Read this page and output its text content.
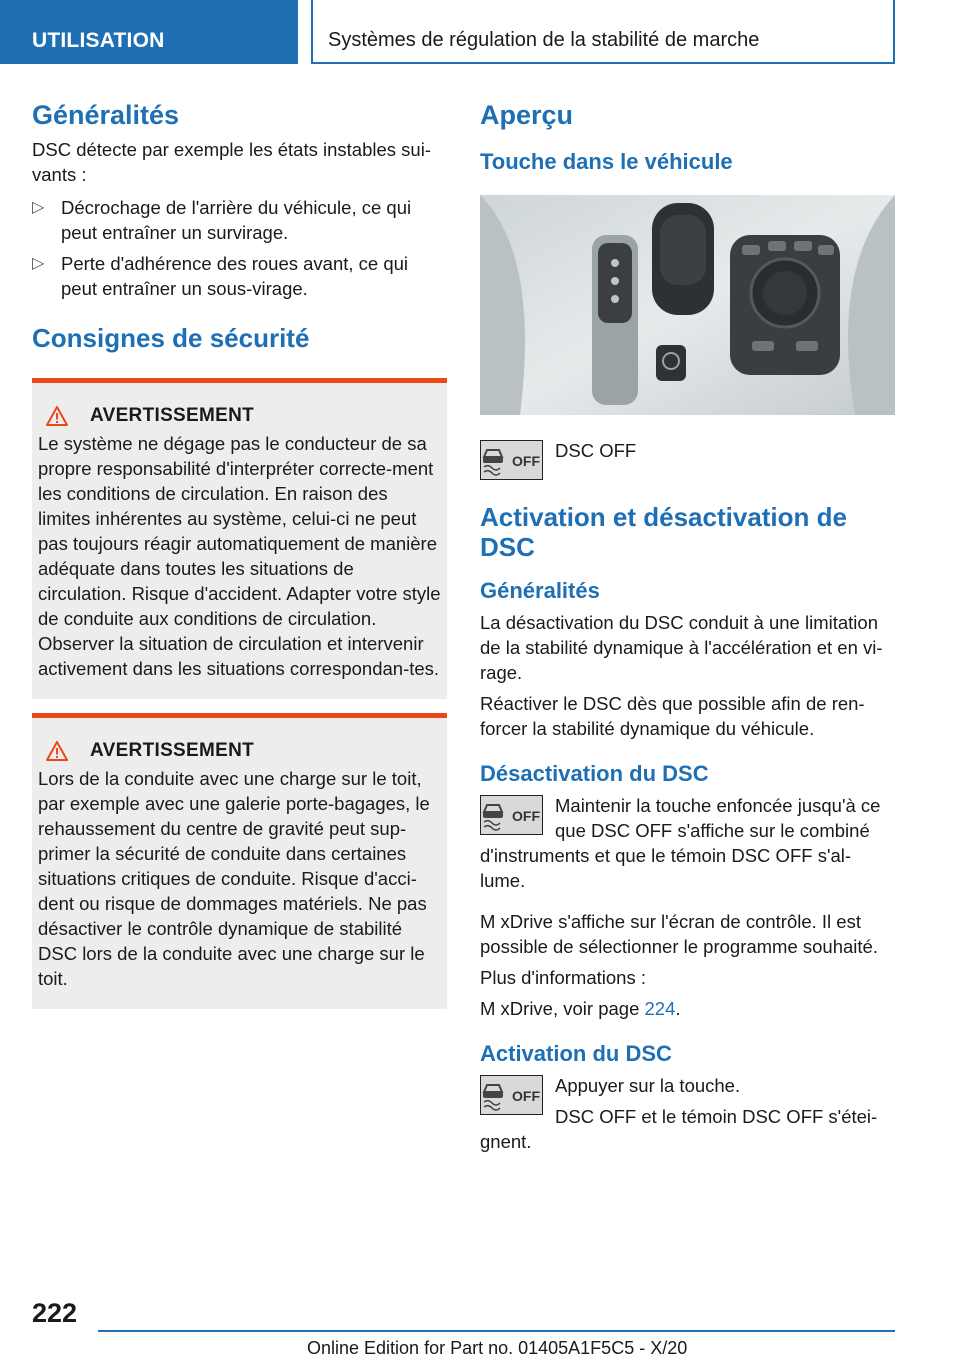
UTILISATION	Systèmes de régulation de la stabilité de marche
Généralités

DSC détecte par exemple les états instables sui-vants :

▷ Décrochage de l'arrière du véhicule, ce qui peut entraîner un survirage.
▷ Perte d'adhérence des roues avant, ce qui peut entraîner un sous-virage.
Consignes de sécurité
AVERTISSEMENT

Le système ne dégage pas le conducteur de sa propre responsabilité d'interpréter correcte-ment les conditions de circulation. En raison des limites inhérentes au système, celui-ci ne peut pas toujours réagir automatiquement de manière adéquate dans toutes les situations de circulation. Risque d'accident. Adapter votre style de conduite aux conditions de circulation. Observer la situation de circulation et intervenir activement dans les situations correspondan-tes.

AVERTISSEMENT

Lors de la conduite avec une charge sur le toit, par exemple avec une galerie porte-bagages, le rehaussement du centre de gravité peut sup-primer la sécurité de conduite dans certaines situations critiques de conduite. Risque d'acci-dent ou risque de dommages matériels. Ne pas désactiver le contrôle dynamique de stabilité DSC lors de la conduite avec une charge sur le toit.

Aperçu
Touche dans le véhicule
OFF DSC OFF

Activation et désactivation de DSC
Généralités

La désactivation du DSC conduit à une limitation de la stabilité dynamique à l'accélération et en vi-rage.

Réactiver le DSC dès que possible afin de ren-forcer la stabilité dynamique du véhicule.

Désactivation du DSC
OFF Maintenir la touche enfoncée jusqu'à ce que DSC OFF s'affiche sur le combiné d'instruments et que le témoin DSC OFF s'al-lume.

M xDrive s'affiche sur l'écran de contrôle. Il est possible de sélectionner le programme souhaité.

Plus d'informations :

M xDrive, voir page 224.

Activation du DSC
OFF Appuyer sur la touche.

DSC OFF et le témoin DSC OFF s'étei-gnent.

222
Online Edition for Part no. 01405A1F5C5 - X/20
